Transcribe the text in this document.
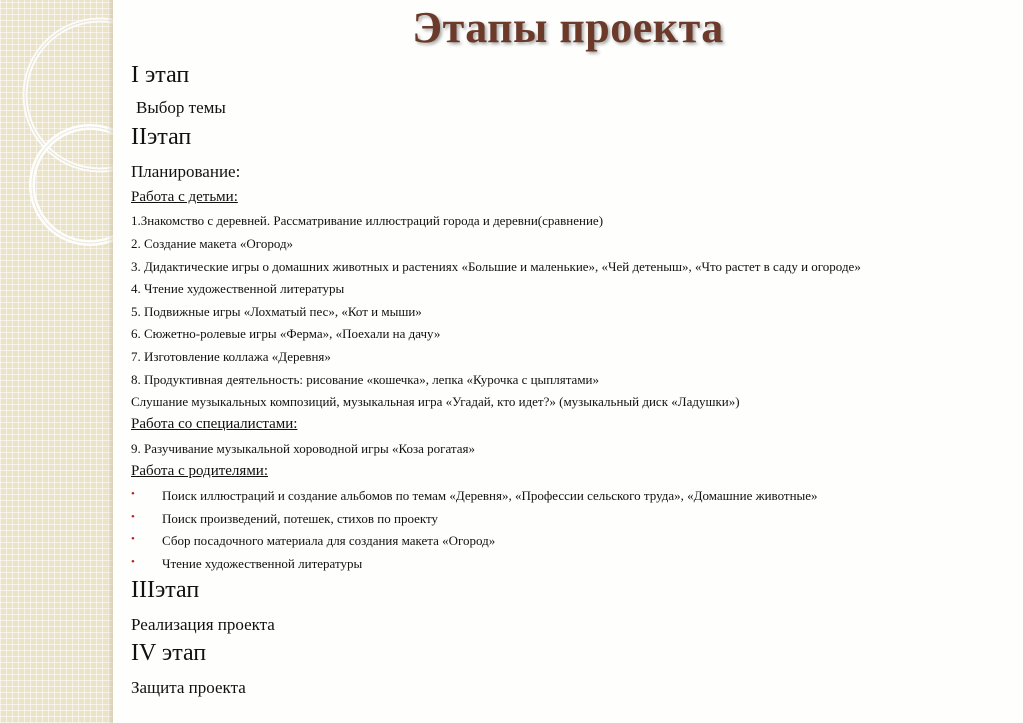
Этапы проекта
I этап
Выбор темы
IIэтап
Планирование:
Работа с детьми:
1.Знакомство с деревней. Рассматривание иллюстраций города и деревни(сравнение)
2. Создание макета «Огород»
3. Дидактические игры о домашних животных и растениях «Большие и маленькие», «Чей детеныш», «Что растет в саду и огороде»
4. Чтение художественной литературы
5. Подвижные игры «Лохматый пес», «Кот и мыши»
6. Сюжетно-ролевые игры «Ферма», «Поехали на дачу»
7. Изготовление коллажа «Деревня»
8. Продуктивная деятельность: рисование «кошечка», лепка «Курочка с цыплятами»
Слушание музыкальных композиций, музыкальная игра «Угадай, кто идет?» (музыкальный диск «Ладушки»)
Работа со специалистами:
9. Разучивание музыкальной хороводной игры «Коза рогатая»
Работа с родителями:
• Поиск иллюстраций и создание альбомов по темам «Деревня», «Профессии сельского труда», «Домашние животные»
• Поиск произведений, потешек, стихов по проекту
• Сбор посадочного материала для создания макета «Огород»
• Чтение художественной литературы
IIIэтап
Реализация проекта
IV этап
Защита проекта
